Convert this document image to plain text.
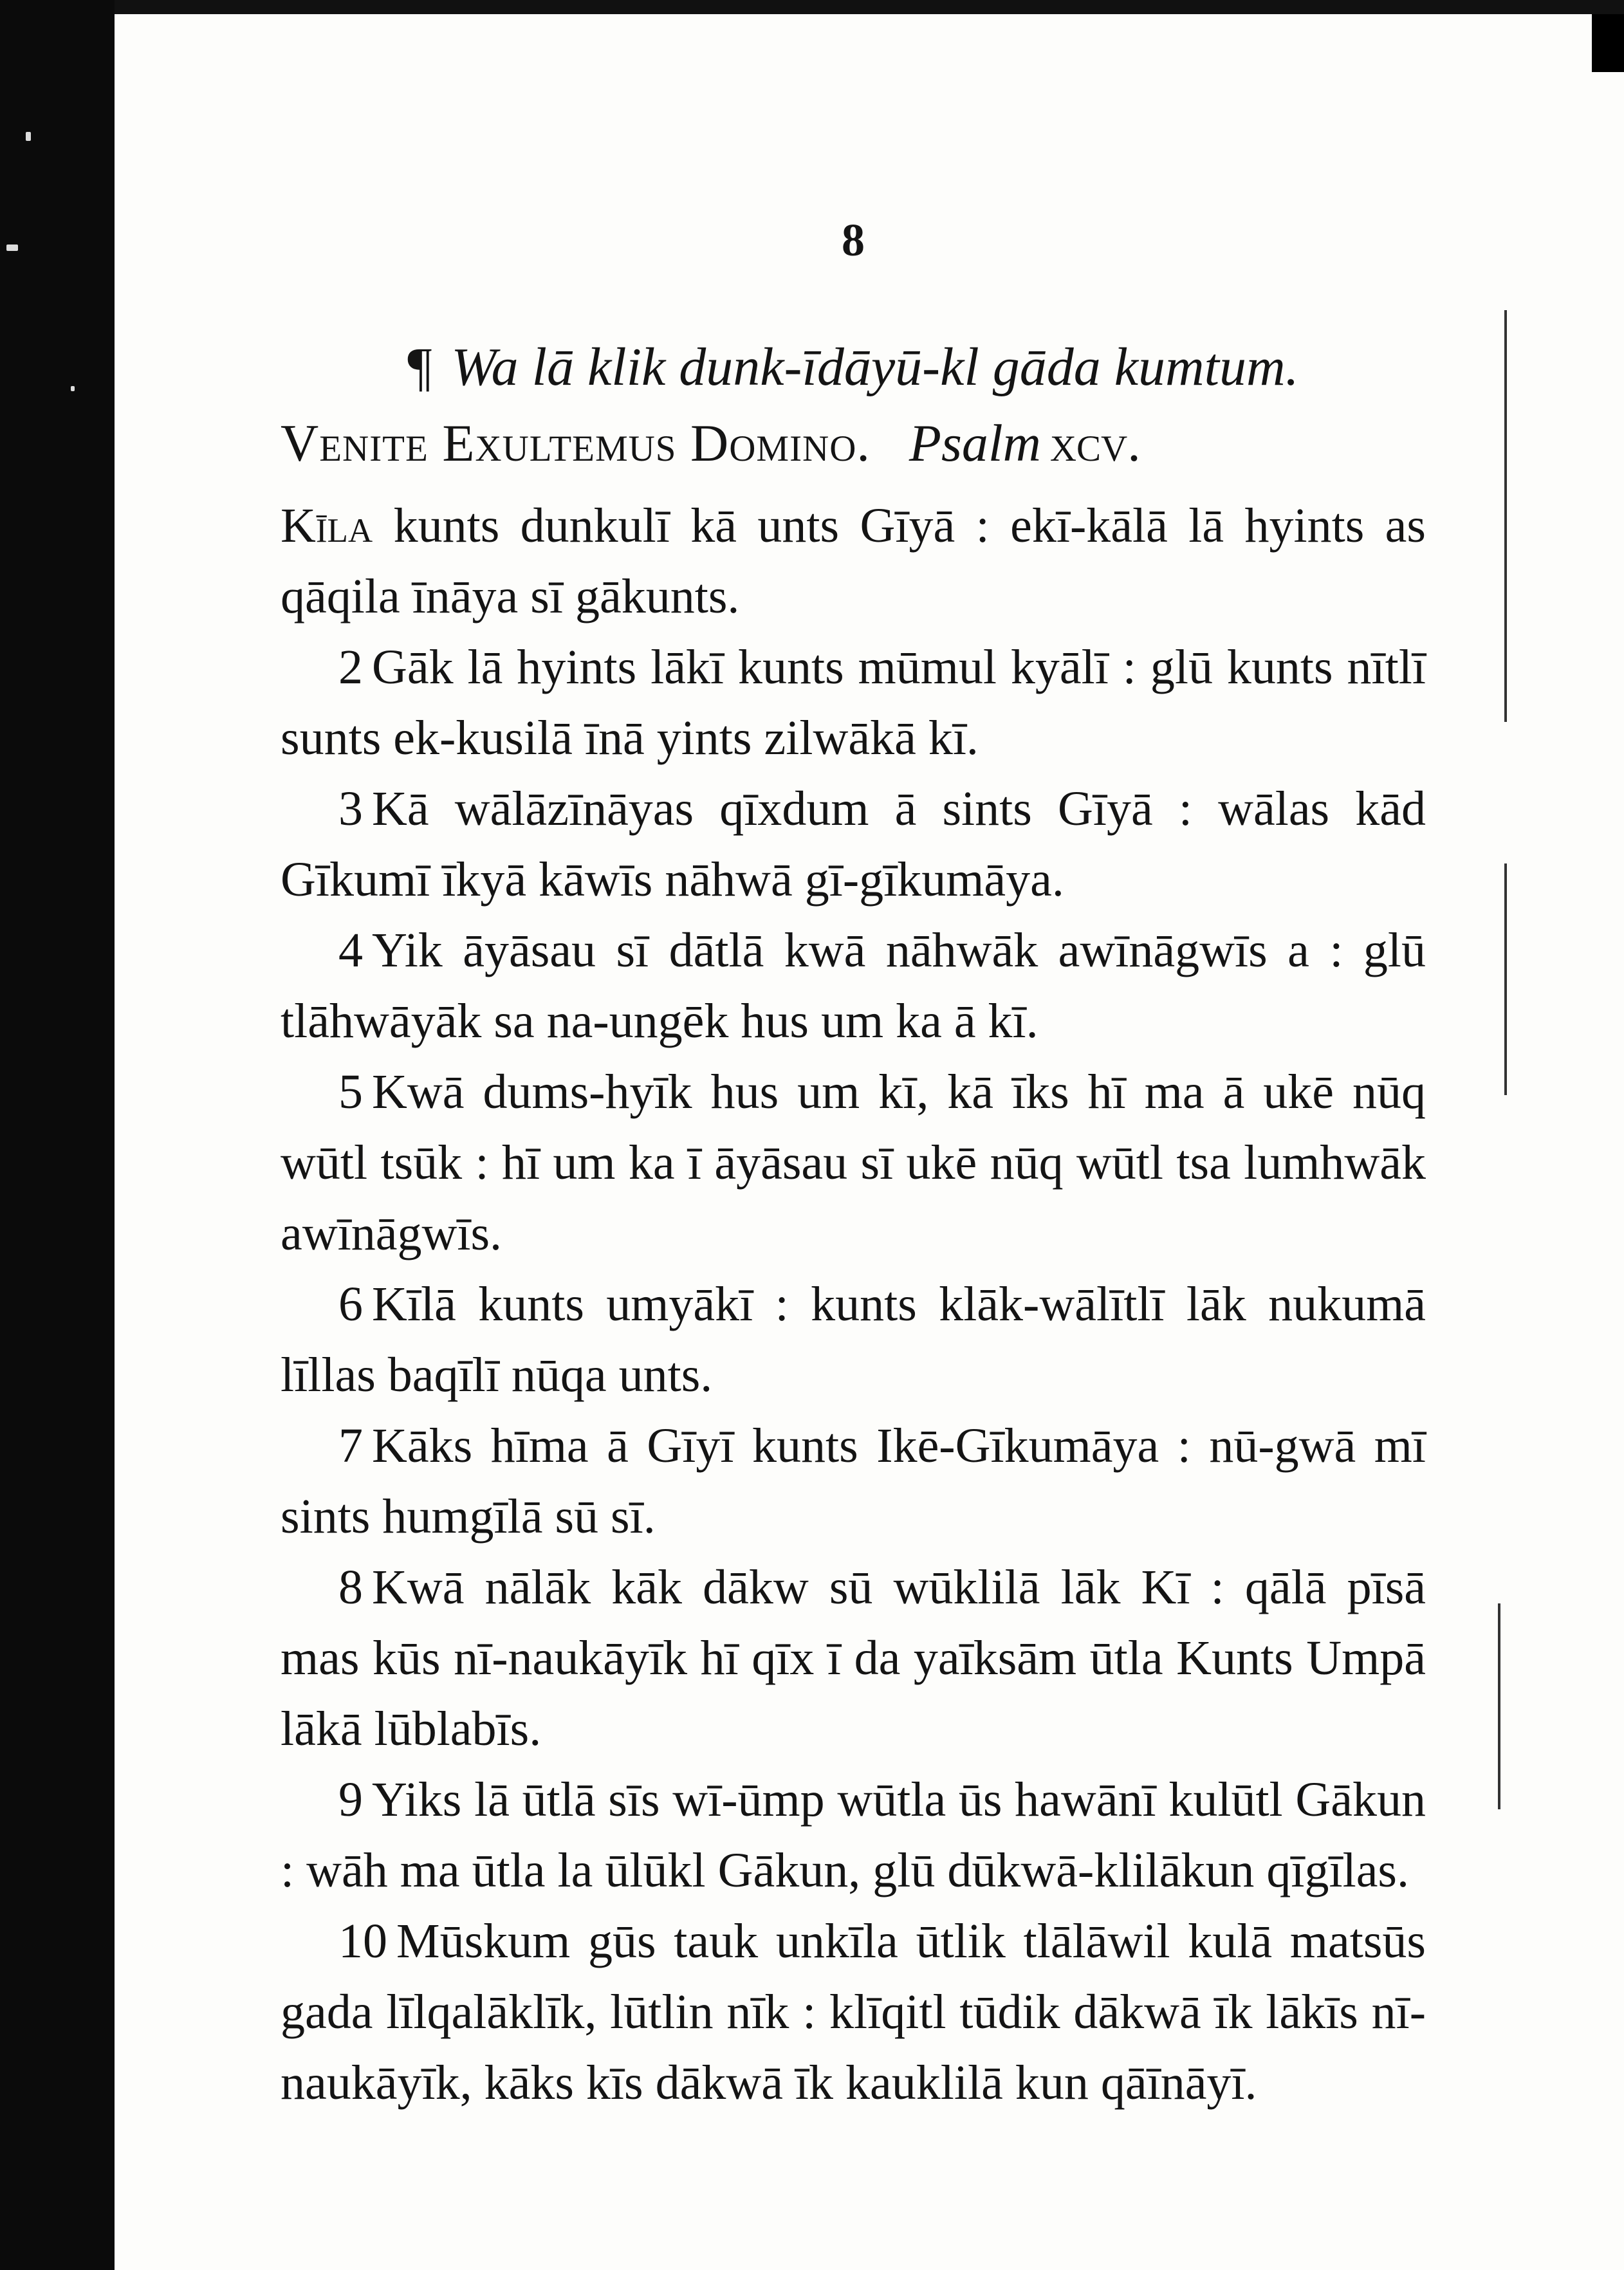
8

¶ Wa lā klik dunk-īdāyū-kl gāda kumtum.

Venite Exultemus Domino. Psalm xcv.

Kīla kunts dunkulī kā unts Gīyā : ekī-kālā lā hyints as qāqila īnāya sī gākunts.

2 Gāk lā hyints lākī kunts mūmul kyālī : glū kunts nītlī sunts ek-kusilā īnā yints zilwākā kī.

3 Kā wālāzīnāyas qīxdum ā sints Gīyā : wālas kād Gīkumī īkyā kāwīs nāhwā gī-gīkumāya.

4 Yik āyāsau sī dātlā kwā nāhwāk awīnāgwīs a : glū tlāhwāyāk sa na-ungēk hus um ka ā kī.

5 Kwā dums-hyīk hus um kī, kā īks hī ma ā ukē nūq wūtl tsūk : hī um ka ī āyāsau sī ukē nūq wūtl tsa lumhwāk awīnāgwīs.

6 Kīlā kunts umyākī : kunts klāk-wālītlī lāk nukumā līllas baqīlī nūqa unts.

7 Kāks hīma ā Gīyī kunts Ikē-Gīkumāya : nū-gwā mī sints humgīlā sū sī.

8 Kwā nālāk kāk dākw sū wūklilā lāk Kī : qālā pīsā mas kūs nī-naukāyīk hī qīx ī da yaīksām ūtla Kunts Umpā lākā lūblabīs.

9 Yiks lā ūtlā sīs wī-ūmp wūtla ūs hawānī kulūtl Gākun : wāh ma ūtla la ūlūkl Gākun, glū dūkwā-klilākun qīgīlas.

10 Mūskum gūs tauk unkīla ūtlik tlālāwil kulā matsūs gada līlqalāklīk, lūtlin nīk : klīqitl tūdik dākwā īk lākīs nī-naukāyīk, kāks kīs dākwā īk kauklilā kun qāīnāyī.
